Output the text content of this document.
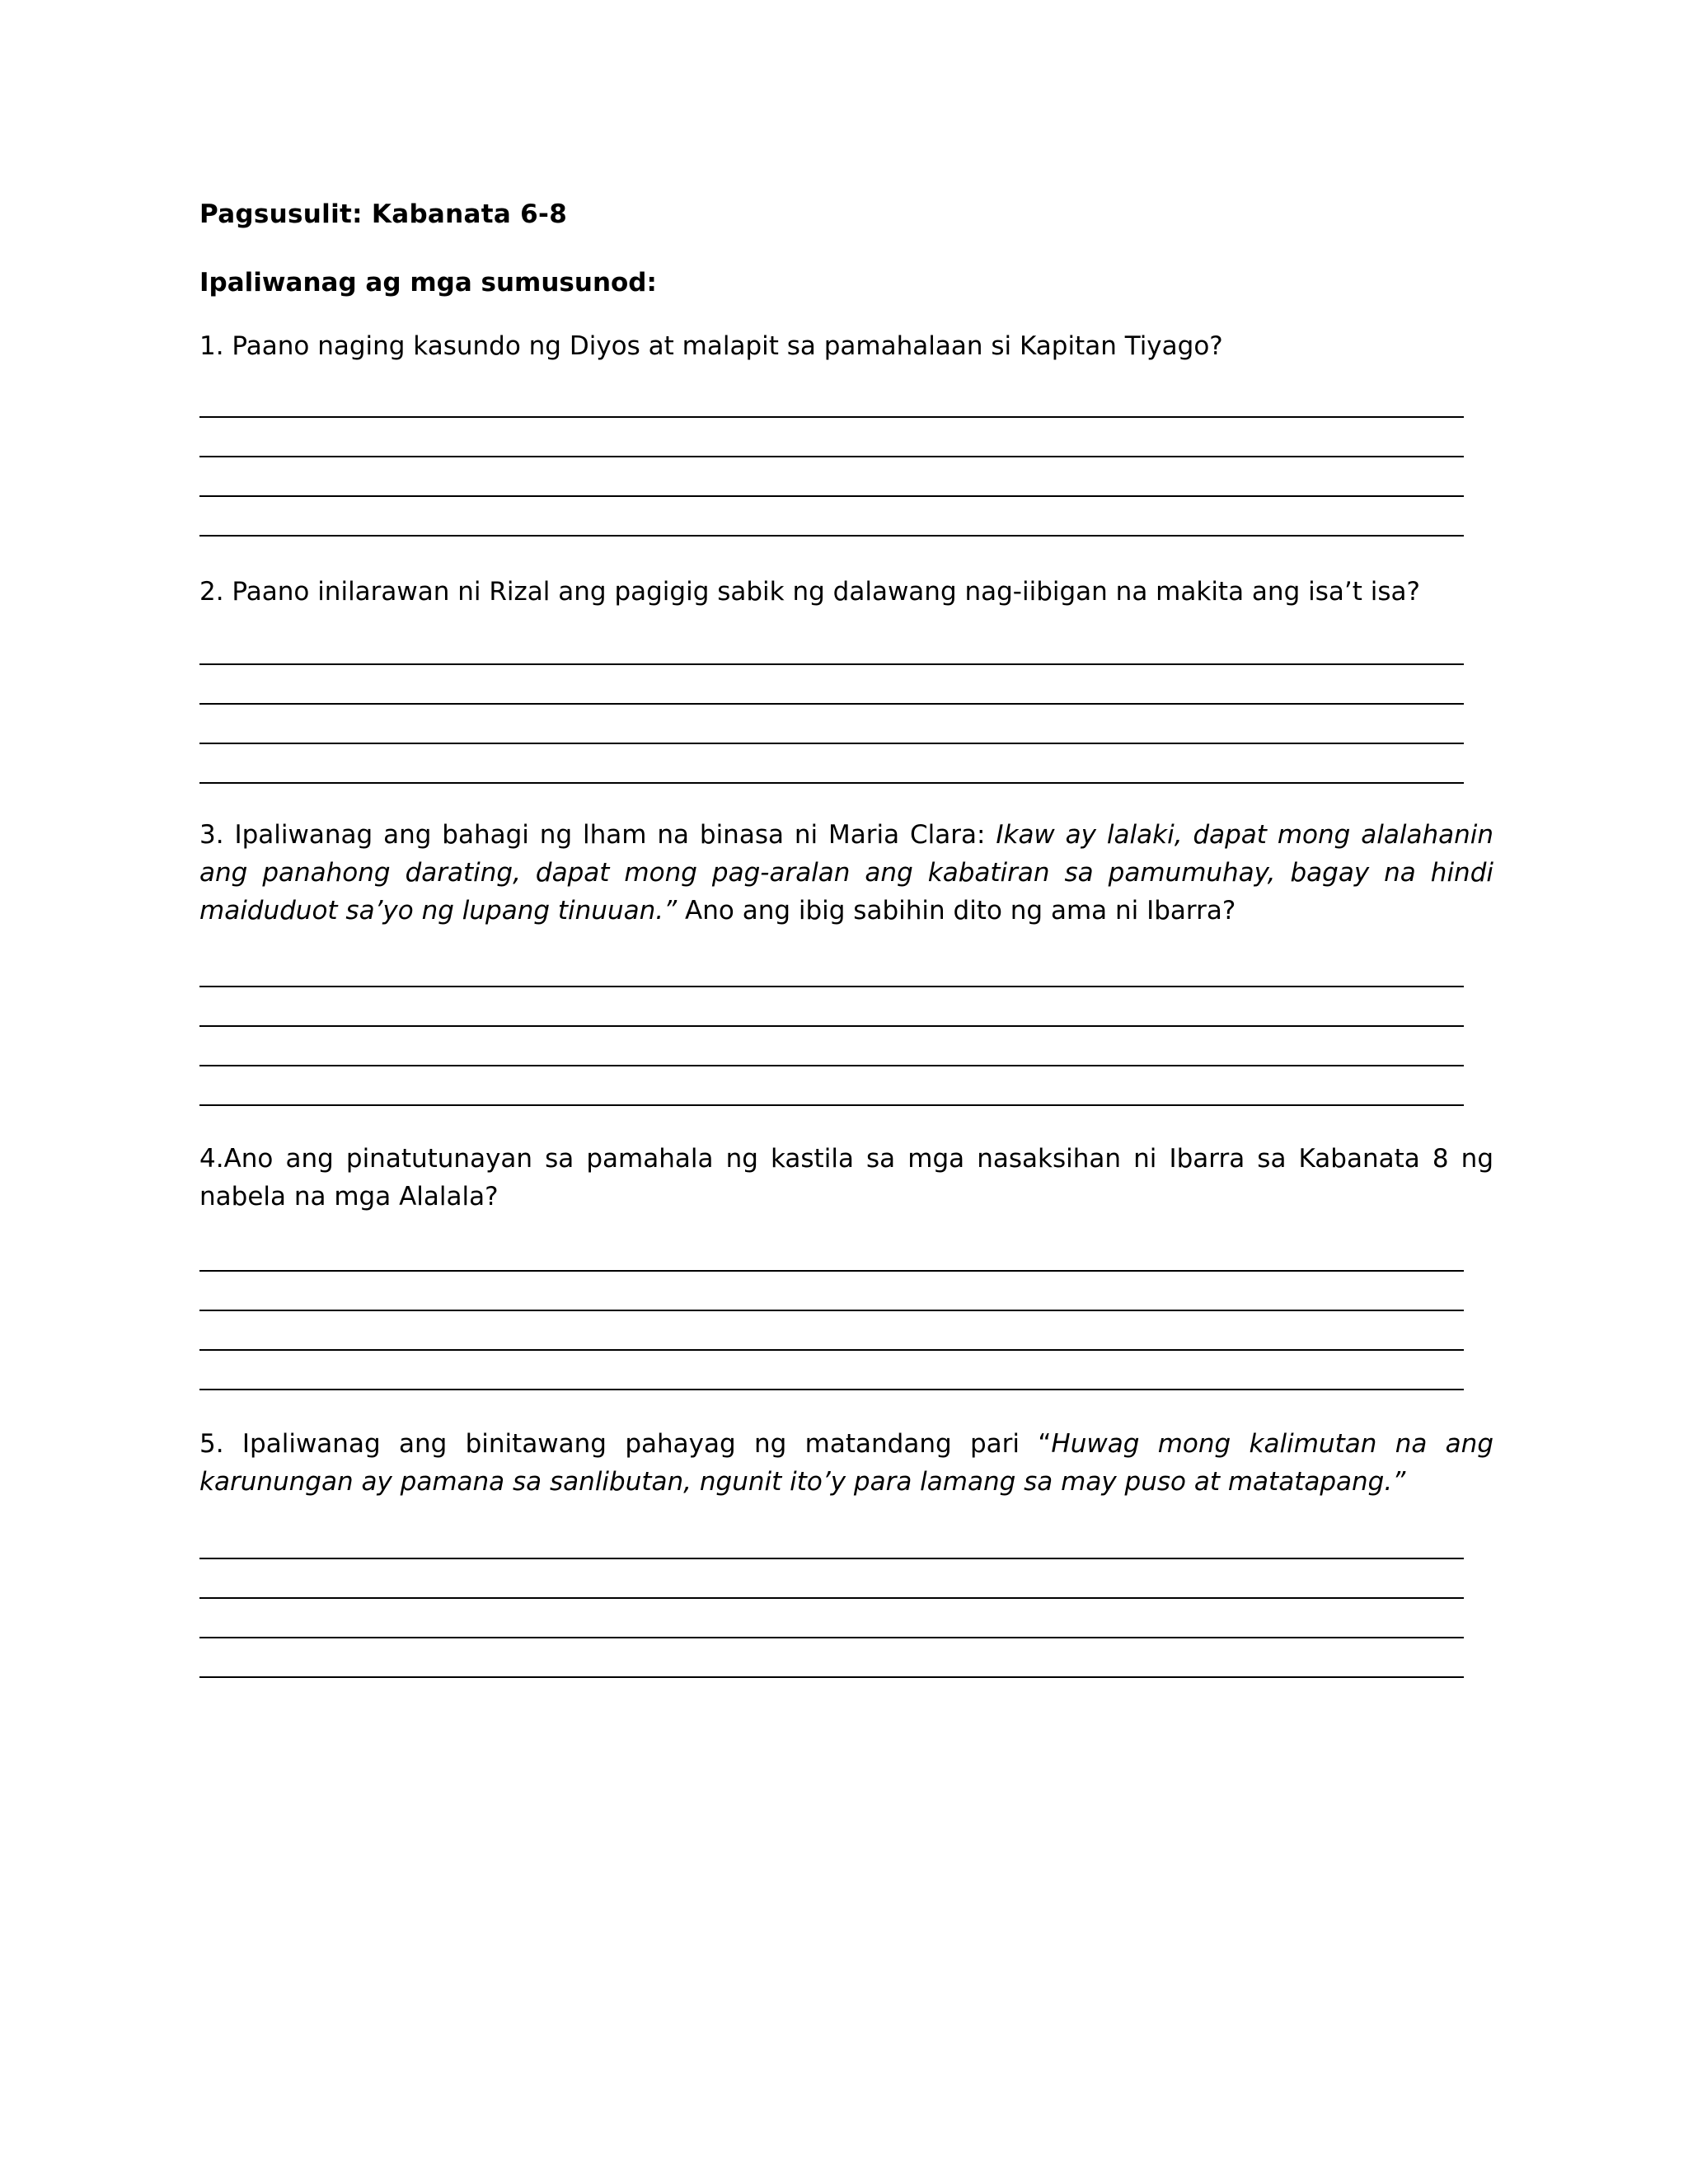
Pagsusulit: Kabanata 6-8
Ipaliwanag ag mga sumusunod:
1. Paano naging kasundo ng Diyos at malapit sa pamahalaan si Kapitan Tiyago?
2. Paano inilarawan ni Rizal ang pagigig sabik ng dalawang nag-iibigan na makita ang isa’t isa?
3. Ipaliwanag ang bahagi ng lham na binasa ni Maria Clara: Ikaw ay lalaki, dapat mong alalahanin ang panahong darating, dapat mong pag-aralan ang kabatiran sa pamumuhay, bagay na hindi maiduduot sa’yo ng lupang tinuuan.” Ano ang ibig sabihin dito ng ama ni Ibarra?
4.Ano ang pinatutunayan sa pamahala ng kastila sa mga nasaksihan ni Ibarra sa Kabanata 8 ng nabela na mga Alalala?
5. Ipaliwanag ang binitawang pahayag ng matandang pari “Huwag mong kalimutan na ang karunungan ay pamana sa sanlibutan, ngunit ito’y para lamang sa may puso at matatapang.”
